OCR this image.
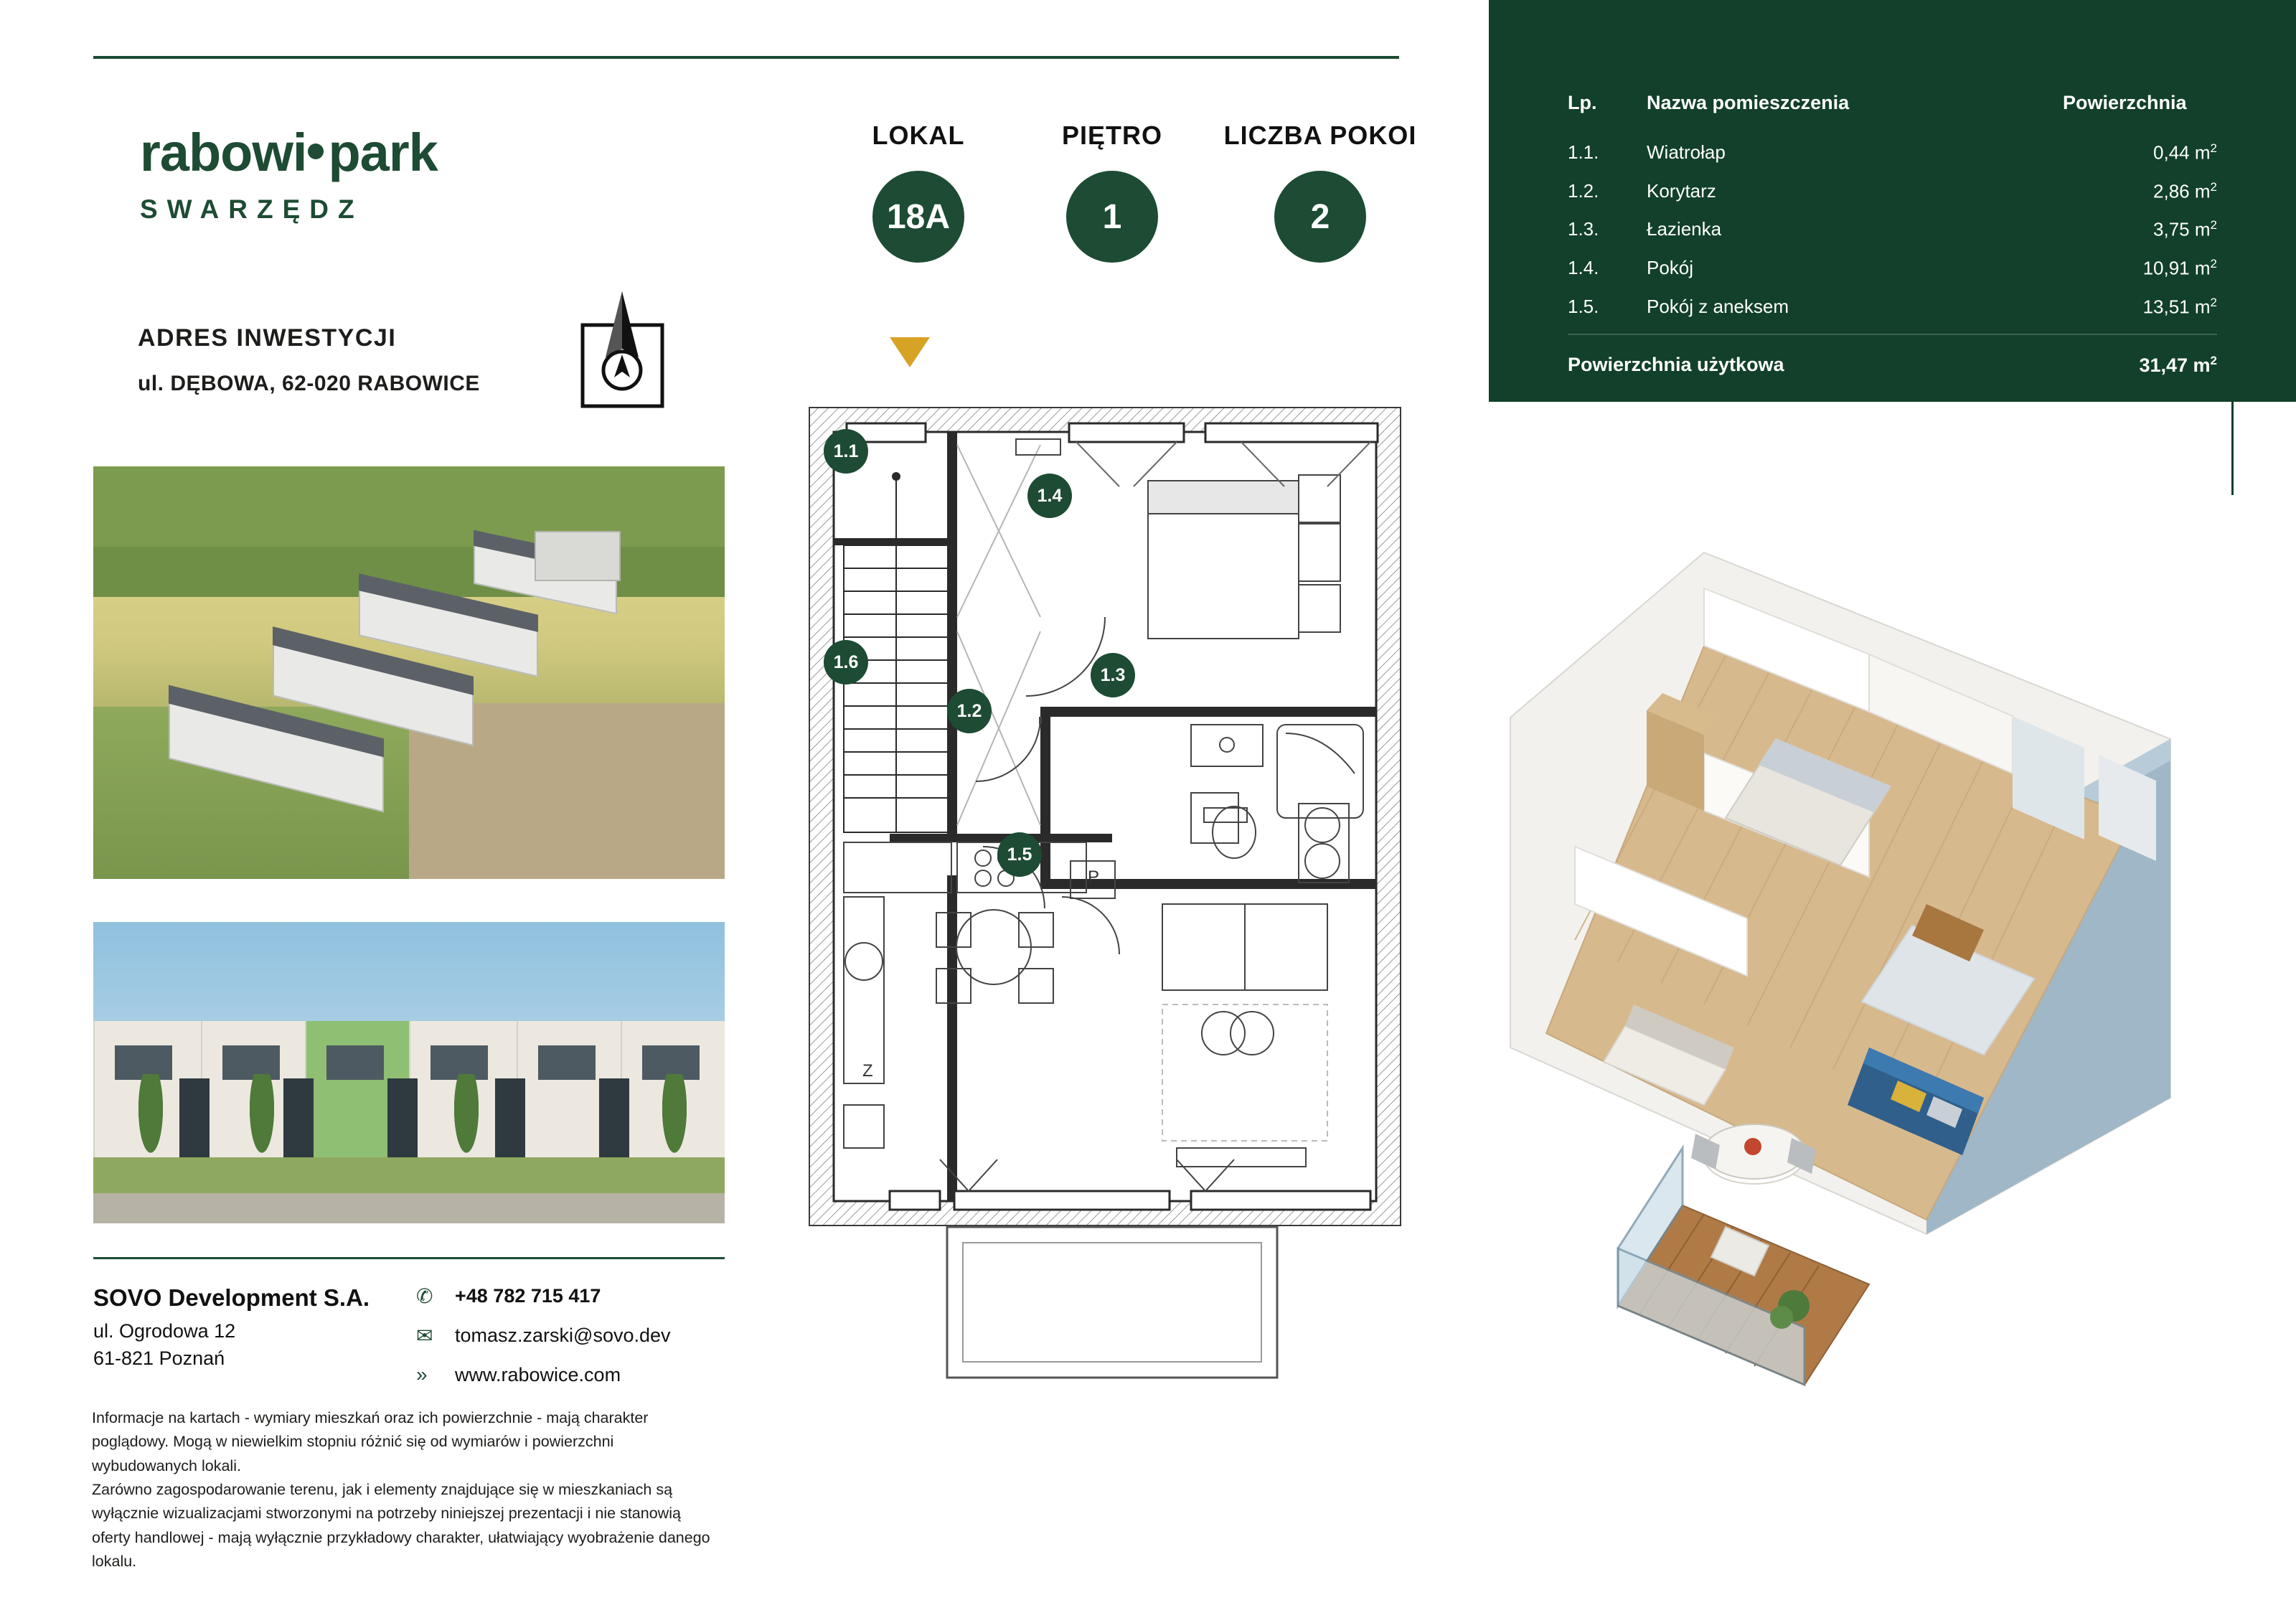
rabowi park
SWARZĘDZ
ADRES INWESTYCJI
ul. DĘBOWA, 62-020 RABOWICE
SOVO Development S.A.
ul. Ogrodowa 12
61-821 Poznań
✆	+48 782 715 417
✉	tomasz.zarski@sovo.dev
»	www.rabowice.com
Informacje na kartach - wymiary mieszkań oraz ich powierzchnie - mają charakter poglądowy. Mogą w niewielkim stopniu różnić się od wymiarów i powierzchni wybudowanych lokali.
Zarówno zagospodarowanie terenu, jak i elementy znajdujące się w mieszkaniach są wyłącznie wizualizacjami stworzonymi na potrzeby niniejszej prezentacji i nie stanowią oferty handlowej - mają wyłącznie przykładowy charakter, ułatwiający wyobrażenie danego lokalu.
LOKAL
18A
PIĘTRO
1
LICZBA POKOI
2
Z
P
1.1
1.4
1.6
1.3
1.2
1.5
Lp.	Nazwa pomieszczenia	Powierzchnia
1.1.	Wiatrołap	0,44 $m^2$
1.2.	Korytarz	2,86 $m^2$
1.3.	Łazienka	3,75 $m^2$
1.4.	Pokój	10,91 $m^2$
1.5.	Pokój z aneksem	13,51 $m^2$
Powierzchnia użytkowa	31,47 $m^2$
